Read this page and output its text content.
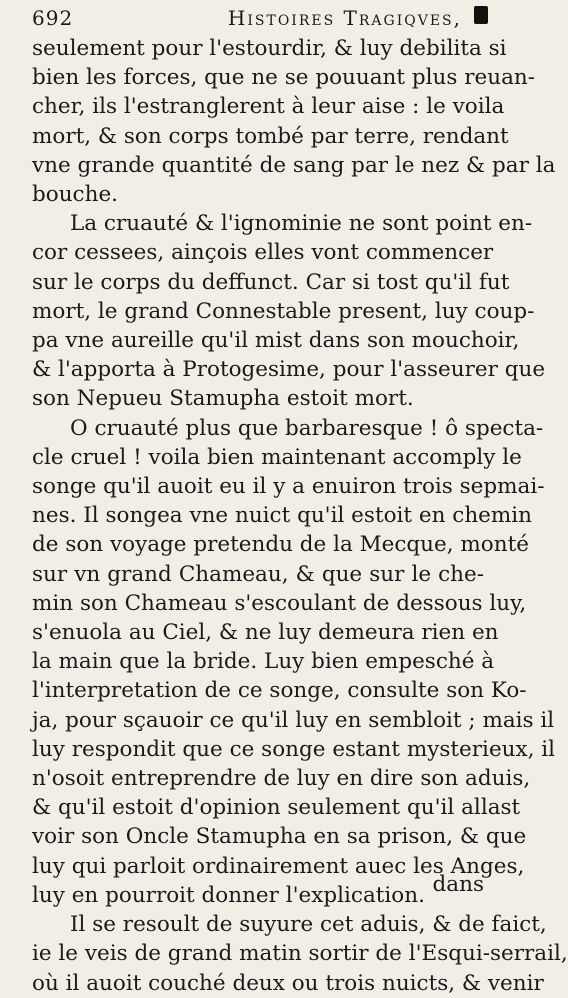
692	Histoires Tragiqves,

seulement pour l'estourdir, & luy debilita si
bien les forces, que ne se pouuant plus reuan-
cher, ils l'estranglerent à leur aise : le voila
mort, & son corps tombé par terre, rendant
vne grande quantité de sang par le nez & par la
bouche.

La cruauté & l'ignominie ne sont point en-
cor cessees, ainçois elles vont commencer
sur le corps du deffunct. Car si tost qu'il fut
mort, le grand Connestable present, luy coup-
pa vne aureille qu'il mist dans son mouchoir,
& l'apporta à Protogesime, pour l'asseurer que
son Nepueu Stamupha estoit mort.

O cruauté plus que barbaresque ! ô specta-
cle cruel ! voila bien maintenant accomply le
songe qu'il auoit eu il y a enuiron trois sepmai-
nes. Il songea vne nuict qu'il estoit en chemin
de son voyage pretendu de la Mecque, monté
sur vn grand Chameau, & que sur le che-
min son Chameau s'escoulant de dessous luy,
s'enuola au Ciel, & ne luy demeura rien en
la main que la bride. Luy bien empesché à
l'interpretation de ce songe, consulte son Ko-
ja, pour sçauoir ce qu'il luy en sembloit ; mais il
luy respondit que ce songe estant mysterieux, il
n'osoit entreprendre de luy en dire son aduis,
& qu'il estoit d'opinion seulement qu'il allast
voir son Oncle Stamupha en sa prison, & que
luy qui parloit ordinairement auec les Anges,
luy en pourroit donner l'explication.

Il se resoult de suyure cet aduis, & de faict,
ie le veis de grand matin sortir de l'Esqui-serrail,
où il auoit couché deux ou trois nuicts, & venir

dans
